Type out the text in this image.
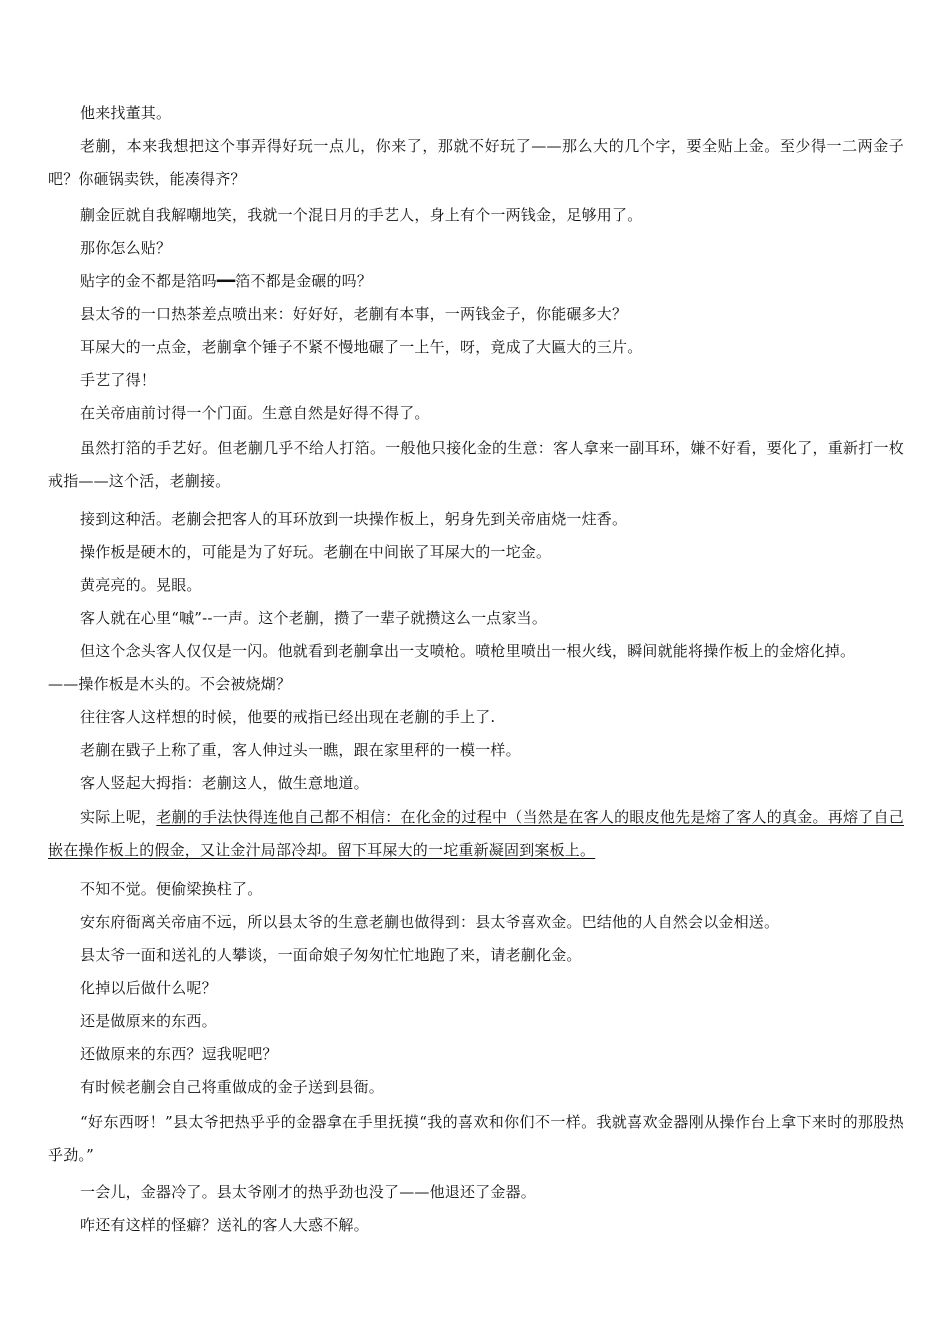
他来找董其。

老蒯，本来我想把这个事弄得好玩一点儿，你来了，那就不好玩了——那么大的几个字，要全贴上金。至少得一二两金子吧？你砸锅卖铁，能凑得齐？

蒯金匠就自我解嘲地笑，我就一个混日月的手艺人，身上有个一两钱金，足够用了。

那你怎么贴？

贴字的金不都是箔吗━━箔不都是金碾的吗？

县太爷的一口热茶差点喷出来：好好好，老蒯有本事，一两钱金子，你能碾多大？

耳屎大的一点金，老蒯拿个锤子不紧不慢地碾了一上午，呀，竟成了大匾大的三片。

手艺了得！

在关帝庙前讨得一个门面。生意自然是好得不得了。

虽然打箔的手艺好。但老蒯几乎不给人打箔。一般他只接化金的生意：客人拿来一副耳环，嫌不好看，要化了，重新打一枚戒指——这个活，老蒯接。

接到这种活。老蒯会把客人的耳环放到一块操作板上，躬身先到关帝庙烧一炷香。

操作板是硬木的，可能是为了好玩。老蒯在中间嵌了耳屎大的一坨金。

黄亮亮的。晃眼。

客人就在心里“嘁”--一声。这个老蒯，攒了一辈子就攒这么一点家当。

但这个念头客人仅仅是一闪。他就看到老蒯拿出一支喷枪。喷枪里喷出一根火线，瞬间就能将操作板上的金熔化掉。

——操作板是木头的。不会被烧煳？

往往客人这样想的时候，他要的戒指已经出现在老蒯的手上了.

老蒯在戥子上称了重，客人伸过头一瞧，跟在家里秤的一模一样。

客人竖起大拇指：老蒯这人，做生意地道。

实际上呢，老蒯的手法快得连他自己都不相信：在化金的过程中（当然是在客人的眼皮他先是熔了客人的真金。再熔了自己嵌在操作板上的假金，又让金汁局部冷却。留下耳屎大的一坨重新凝固到案板上。

不知不觉。便偷梁换柱了。

安东府衙离关帝庙不远，所以县太爷的生意老蒯也做得到：县太爷喜欢金。巴结他的人自然会以金相送。

县太爷一面和送礼的人攀谈，一面命娘子匆匆忙忙地跑了来，请老蒯化金。

化掉以后做什么呢？

还是做原来的东西。

还做原来的东西？逗我呢吧？

有时候老蒯会自己将重做成的金子送到县衙。

“好东西呀！”县太爷把热乎乎的金器拿在手里抚摸“我的喜欢和你们不一样。我就喜欢金器刚从操作台上拿下来时的那股热乎劲。”

一会儿，金器冷了。县太爷刚才的热乎劲也没了——他退还了金器。

咋还有这样的怪癖？送礼的客人大惑不解。
